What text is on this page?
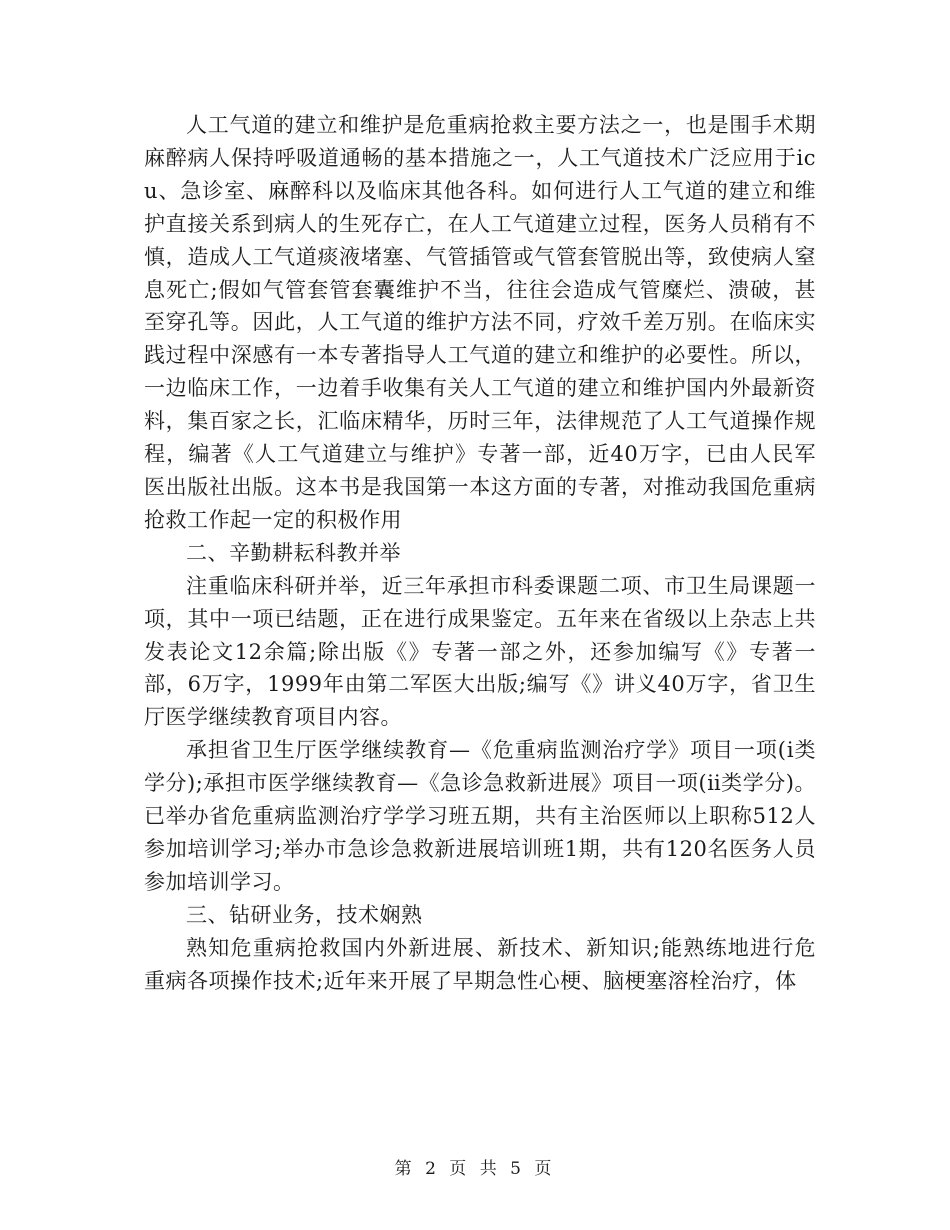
人工气道的建立和维护是危重病抢救主要方法之一，也是围手术期麻醉病人保持呼吸道通畅的基本措施之一，人工气道技术广泛应用于icu、急诊室、麻醉科以及临床其他各科。如何进行人工气道的建立和维护直接关系到病人的生死存亡，在人工气道建立过程，医务人员稍有不慎，造成人工气道痰液堵塞、气管插管或气管套管脱出等，致使病人窒息死亡;假如气管套管套囊维护不当，往往会造成气管糜烂、溃破，甚至穿孔等。因此，人工气道的维护方法不同，疗效千差万别。在临床实践过程中深感有一本专著指导人工气道的建立和维护的必要性。所以，一边临床工作，一边着手收集有关人工气道的建立和维护国内外最新资料，集百家之长，汇临床精华，历时三年，法律规范了人工气道操作规程，编著《人工气道建立与维护》专著一部，近40万字，已由人民军医出版社出版。这本书是我国第一本这方面的专著，对推动我国危重病抢救工作起一定的积极作用

二、辛勤耕耘科教并举

注重临床科研并举，近三年承担市科委课题二项、市卫生局课题一项，其中一项已结题，正在进行成果鉴定。五年来在省级以上杂志上共发表论文12余篇;除出版《》专著一部之外，还参加编写《》专著一部，6万字，1999年由第二军医大出版;编写《》讲义40万字，省卫生厅医学继续教育项目内容。

承担省卫生厅医学继续教育—《危重病监测治疗学》项目一项(ⅰ类学分);承担市医学继续教育—《急诊急救新进展》项目一项(ⅱ类学分)。已举办省危重病监测治疗学学习班五期，共有主治医师以上职称512人参加培训学习;举办市急诊急救新进展培训班1期，共有120名医务人员参加培训学习。

三、钻研业务，技术娴熟

熟知危重病抢救国内外新进展、新技术、新知识;能熟练地进行危重病各项操作技术;近年来开展了早期急性心梗、脑梗塞溶栓治疗，体

第 2 页 共 5 页
